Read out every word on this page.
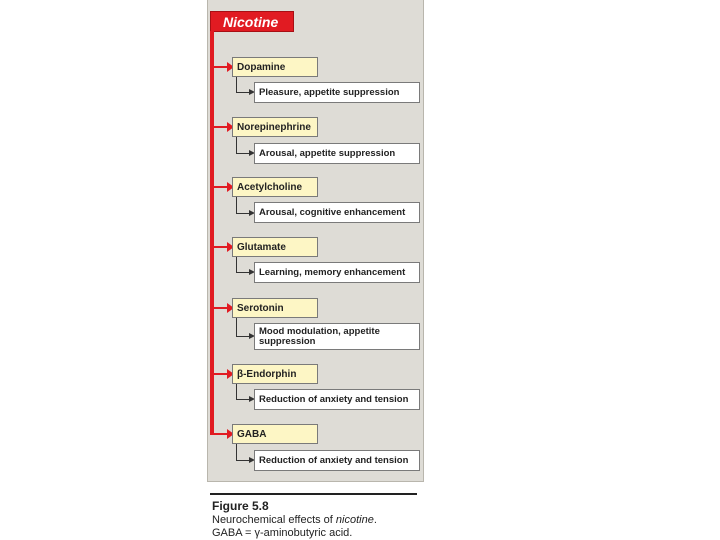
Nicotine
Dopamine
Pleasure, appetite suppression
Norepinephrine
Arousal, appetite suppression
Acetylcholine
Arousal, cognitive enhancement
Glutamate
Learning, memory enhancement
Serotonin
Mood modulation, appetite suppression
β-Endorphin
Reduction of anxiety and tension
GABA
Reduction of anxiety and tension
Figure 5.8
Neurochemical effects of nicotine.
GABA = γ-aminobutyric acid.
